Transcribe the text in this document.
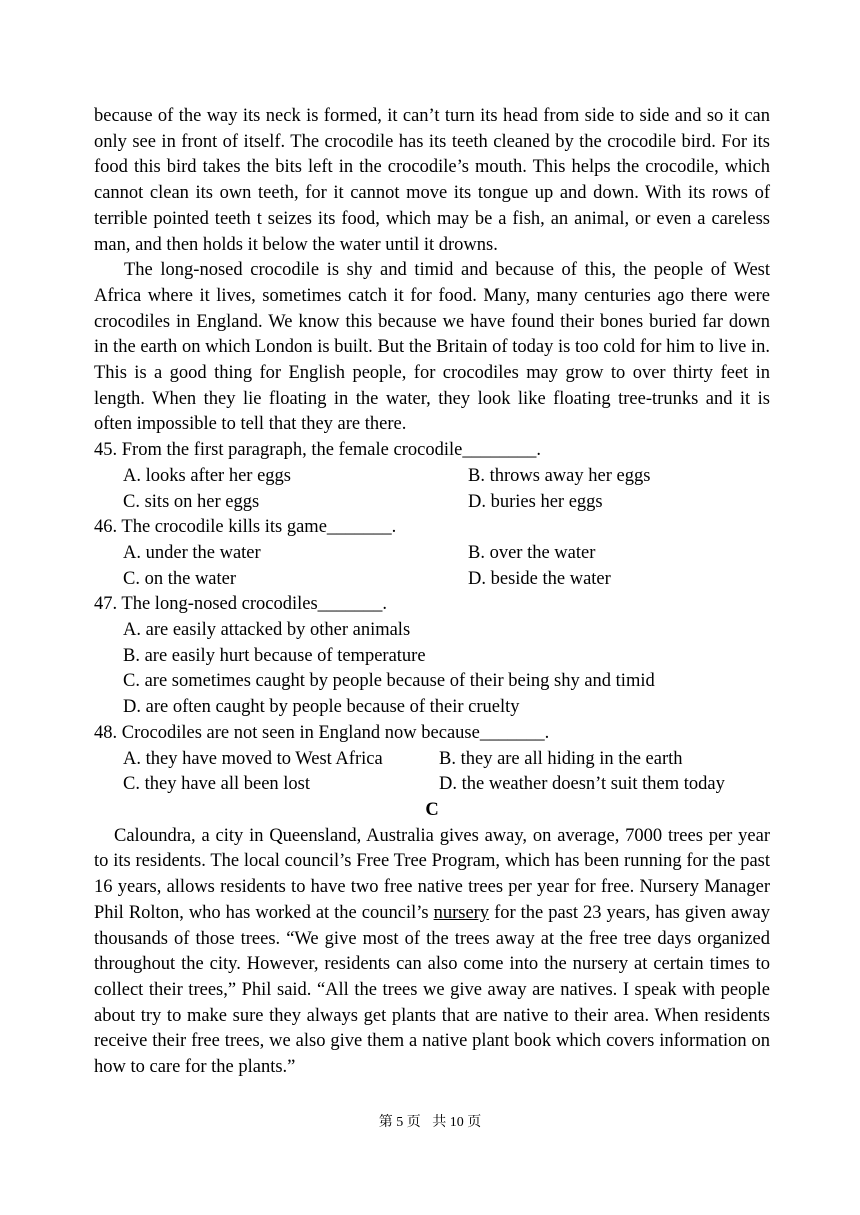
because of the way its neck is formed, it can’t turn its head from side to side and so it can only see in front of itself. The crocodile has its teeth cleaned by the crocodile bird. For its food this bird takes the bits left in the crocodile’s mouth. This helps the crocodile, which cannot clean its own teeth, for it cannot move its tongue up and down. With its rows of terrible pointed teeth t seizes its food, which may be a fish, an animal, or even a careless man, and then holds it below the water until it drowns.

The long-nosed crocodile is shy and timid and because of this, the people of West Africa where it lives, sometimes catch it for food. Many, many centuries ago there were crocodiles in England. We know this because we have found their bones buried far down in the earth on which London is built. But the Britain of today is too cold for him to live in. This is a good thing for English people, for crocodiles may grow to over thirty feet in length. When they lie floating in the water, they look like floating tree-trunks and it is often impossible to tell that they are there.

45. From the first paragraph, the female crocodile________.

A. looks after her eggs	B. throws away her eggs
C. sits on her eggs	D. buries her eggs

46. The crocodile kills its game_______.

A. under the water	B. over the water
C. on the water	D. beside the water

47. The long-nosed crocodiles_______.

A. are easily attacked by other animals
B. are easily hurt because of temperature
C. are sometimes caught by people because of their being shy and timid
D. are often caught by people because of their cruelty

48. Crocodiles are not seen in England now because_______.

A. they have moved to West Africa	B. they are all hiding in the earth
C. they have all been lost	D. the weather doesn’t suit them today

C

Caloundra, a city in Queensland, Australia gives away, on average, 7000 trees per year to its residents. The local council’s Free Tree Program, which has been running for the past 16 years, allows residents to have two free native trees per year for free. Nursery Manager Phil Rolton, who has worked at the council’s nursery for the past 23 years, has given away thousands of those trees. “We give most of the trees away at the free tree days organized throughout the city. However, residents can also come into the nursery at certain times to collect their trees,” Phil said. “All the trees we give away are natives. I speak with people about try to make sure they always get plants that are native to their area. When residents receive their free trees, we also give them a native plant book which covers information on how to care for the plants.”

第 5 页 共 10 页
